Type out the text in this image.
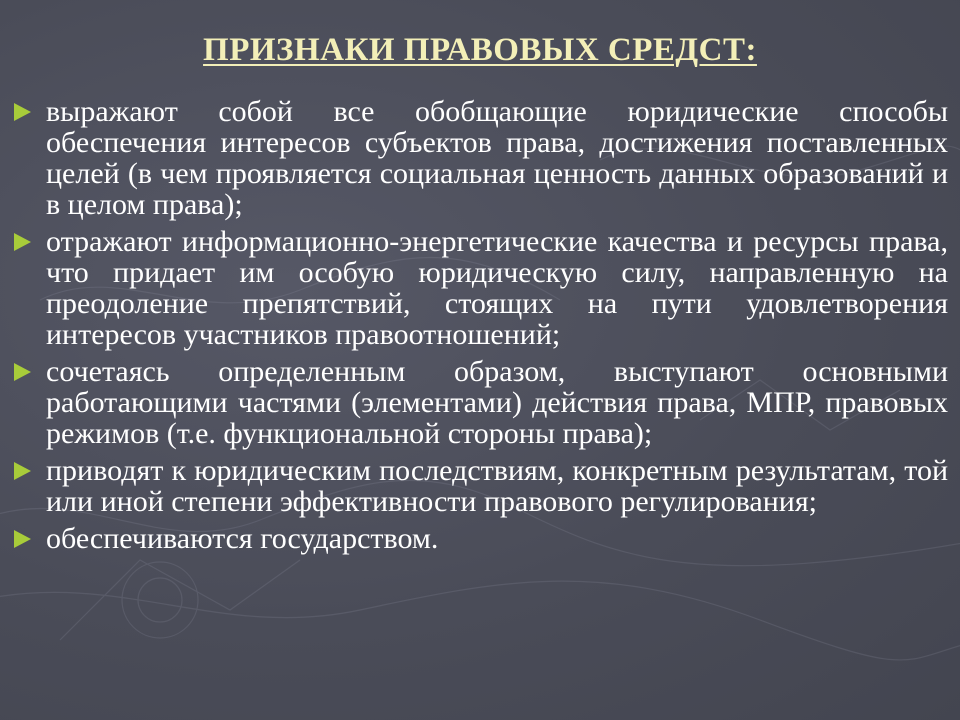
ПРИЗНАКИ ПРАВОВЫХ СРЕДСТ:
выражают собой все обобщающие юридические способы обеспечения интересов субъектов права, достижения поставленных целей (в чем проявляется социальная ценность данных образований и в целом права);
отражают информационно-энергетические качества и ресурсы права, что придает им особую юридическую силу, направленную на преодоление препятствий, стоящих на пути удовлетворения интересов участников правоотношений;
сочетаясь определенным образом, выступают основными работающими частями (элементами) действия права, МПР, правовых режимов (т.е. функциональной стороны права);
приводят к юридическим последствиям, конкретным результатам, той или иной степени эффективности правового регулирования;
обеспечиваются государством.
